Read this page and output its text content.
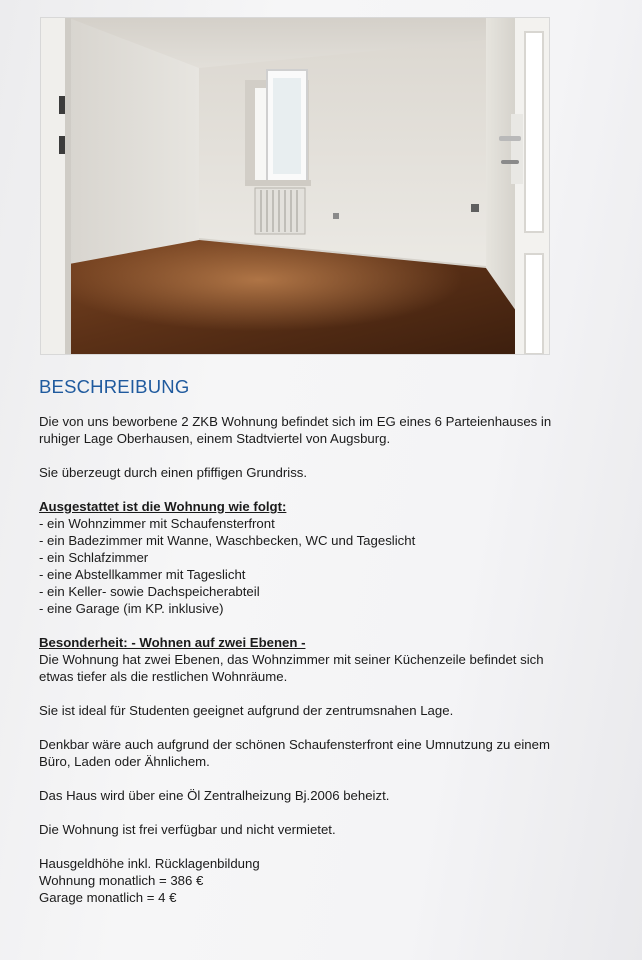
BESCHREIBUNG

Die von uns beworbene 2 ZKB Wohnung befindet sich im EG eines 6 Parteienhauses in
ruhiger Lage Oberhausen, einem Stadtviertel von Augsburg.

Sie überzeugt durch einen pfiffigen Grundriss.

Ausgestattet ist die Wohnung wie folgt:

- ein Wohnzimmer mit Schaufensterfront
- ein Badezimmer mit Wanne, Waschbecken, WC und Tageslicht
- ein Schlafzimmer
- eine Abstellkammer mit Tageslicht
- ein Keller- sowie Dachspeicherabteil
- eine Garage (im KP. inklusive)

Besonderheit: - Wohnen auf zwei Ebenen -

Die Wohnung hat zwei Ebenen, das Wohnzimmer mit seiner Küchenzeile befindet sich
etwas tiefer als die restlichen Wohnräume.

Sie ist ideal für Studenten geeignet aufgrund der zentrumsnahen Lage.

Denkbar wäre auch aufgrund der schönen Schaufensterfront eine Umnutzung zu einem
Büro, Laden oder Ähnlichem.

Das Haus wird über eine Öl Zentralheizung Bj.2006 beheizt.

Die Wohnung ist frei verfügbar und nicht vermietet.

Hausgeldhöhe inkl. Rücklagenbildung
Wohnung monatlich = 386 €
Garage monatlich = 4 €
